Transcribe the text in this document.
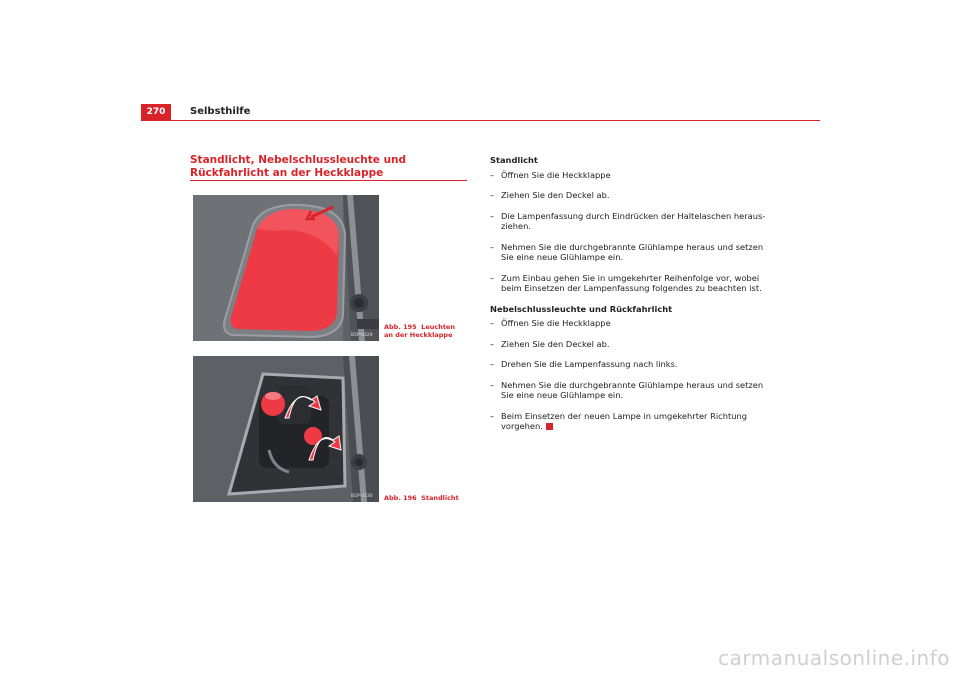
270	Selbsthilfe
Standlicht, Nebelschlussleuchte und Rückfahrlicht an der Heckklappe
B5P-0329
Abb. 195 Leuchten an der Heckklappe
B5P-0330 Abb. 196 Standlicht
Standlicht
– Öffnen Sie die Heckklappe
– Ziehen Sie den Deckel ab.
– Die Lampenfassung durch Eindrücken der Haltelaschen heraus-ziehen.
– Nehmen Sie die durchgebrannte Glühlampe heraus und setzen Sie eine neue Glühlampe ein.
– Zum Einbau gehen Sie in umgekehrter Reihenfolge vor, wobei beim Einsetzen der Lampenfassung folgendes zu beachten ist.
Nebelschlussleuchte und Rückfahrlicht
– Öffnen Sie die Heckklappe
– Ziehen Sie den Deckel ab.
– Drehen Sie die Lampenfassung nach links.
– Nehmen Sie die durchgebrannte Glühlampe heraus und setzen Sie eine neue Glühlampe ein.
– Beim Einsetzen der neuen Lampe in umgekehrter Richtung vorgehen.
carmanualsonline.info
